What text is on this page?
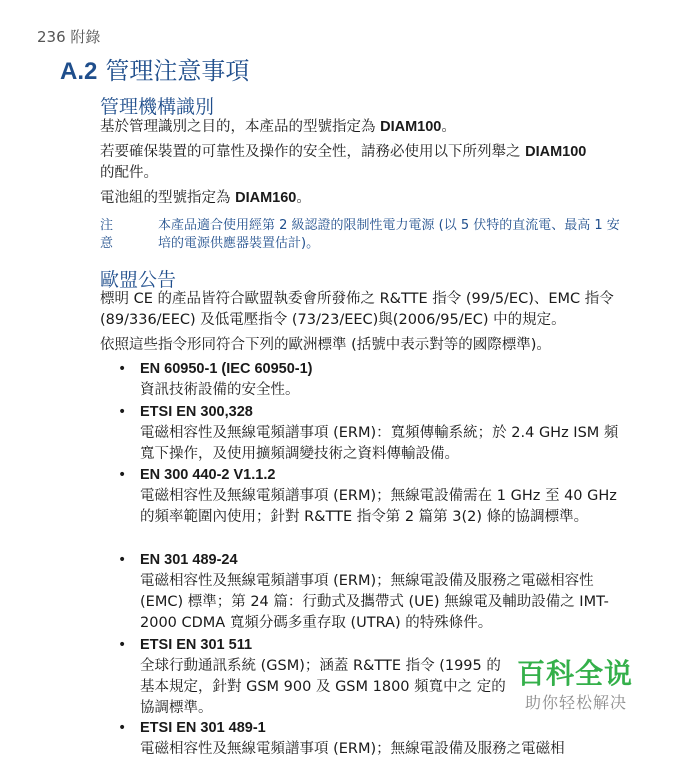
236 附錄
A.2 管理注意事項
管理機構識別
基於管理識別之目的，本產品的型號指定為 DIAM100。
若要確保裝置的可靠性及操作的安全性，請務必使用以下所列舉之 DIAM100 的配件。
電池組的型號指定為 DIAM160。
注意
本產品適合使用經第 2 級認證的限制性電力電源 (以 5 伏特的直流電、最高 1 安培的電源供應器裝置估計)。
歐盟公告
標明 CE 的產品皆符合歐盟執委會所發佈之 R&TTE 指令 (99/5/EC)、EMC 指令 (89/336/EEC) 及低電壓指令 (73/23/EEC)與(2006/95/EC) 中的規定。
依照這些指令形同符合下列的歐洲標準 (括號中表示對等的國際標準)。
• EN 60950-1 (IEC 60950-1)
資訊技術設備的安全性。
• ETSI EN 300,328
電磁相容性及無線電頻譜事項 (ERM)：寬頻傳輸系統；於 2.4 GHz ISM 頻寬下操作，及使用擴頻調變技術之資料傳輸設備。
• EN 300 440-2 V1.1.2
電磁相容性及無線電頻譜事項 (ERM)；無線電設備需在 1 GHz 至 40 GHz 的頻率範圍內使用；針對 R&TTE 指令第 2 篇第 3(2) 條的協調標準。
• EN 301 489-24
電磁相容性及無線電頻譜事項 (ERM)；無線電設備及服務之電磁相容性 (EMC) 標準；第 24 篇：行動式及攜帶式 (UE) 無線電及輔助設備之 IMT-2000 CDMA 寬頻分碼多重存取 (UTRA) 的特殊條件。
• ETSI EN 301 511
全球行動通訊系統 (GSM)；涵蓋 R&TTE 指令 (1995 的基本規定，針對 GSM 900 及 GSM 1800 頻寬中之 定的協調標準。
• ETSI EN 301 489-1
電磁相容性及無線電頻譜事項 (ERM)；無線電設備及服務之電磁相
百科全说
助你轻松解决
